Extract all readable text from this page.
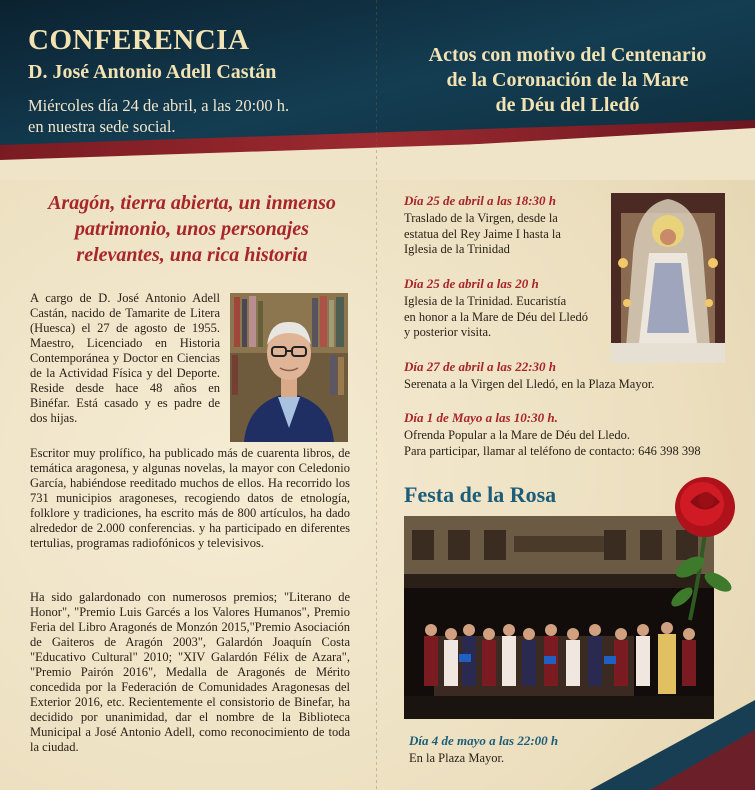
CONFERENCIA
D. José Antonio Adell Castán
Miércoles día 24 de abril, a las 20:00 h.
en nuestra sede social.
Actos con motivo del Centenario
de la Coronación de la Mare
de Déu del Lledó
Aragón, tierra abierta, un inmenso
patrimonio, unos personajes
relevantes, una rica historia
A cargo de D. José Antonio Adell Castán, nacido de Tamarite de Litera (Huesca) el 27 de agosto de 1955. Maestro, Licenciado en Historia Contemporánea y Doctor en Ciencias de la Actividad Física y del Deporte. Reside desde hace 48 años en Binéfar. Está casado y es padre de dos hijas.
Escritor muy prolífico, ha publicado más de cuarenta libros, de temática aragonesa, y algunas novelas, la mayor con Celedonio García, habiéndose reeditado muchos de ellos. Ha recorrido los 731 municipios aragoneses, recogiendo datos de etnología, folklore y tradiciones, ha escrito más de 800 artículos, ha dado alrededor de 2.000 conferencias. y ha participado en diferentes tertulias, programas radiofónicos y televisivos.
Ha sido galardonado con numerosos premios; "Literano de Honor", "Premio Luis Garcés a los Valores Humanos", Premio Feria del Libro Aragonés de Monzón 2015,"Premio Asociación de Gaiteros de Aragón 2003", Galardón Joaquín Costa "Educativo Cultural" 2010; "XIV Galardón Félix de Azara", "Premio Pairón 2016", Medalla de Aragonés de Mérito concedida por la Federación de Comunidades Aragonesas del Exterior 2016, etc. Recientemente el consistorio de Binefar, ha decidido por unanimidad, dar el nombre de la Biblioteca Municipal a José Antonio Adell, como reconocimiento de toda la ciudad.
Día 25 de abril a las 18:30 h
Traslado de la Virgen, desde la
estatua del Rey Jaime I hasta la
Iglesia de la Trinidad
Día 25 de abril a las 20 h
Iglesia de la Trinidad. Eucaristía
en honor a la Mare de Déu del Lledó
y posterior visita.
Día 27 de abril a las 22:30 h
Serenata a la Virgen del Lledó, en la Plaza Mayor.
Día 1 de Mayo a las 10:30 h.
Ofrenda Popular a la Mare de Déu del Lledo.
Para participar, llamar al teléfono de contacto: 646 398 398
Festa de la Rosa
Día 4 de mayo a las 22:00 h
En la Plaza Mayor.
